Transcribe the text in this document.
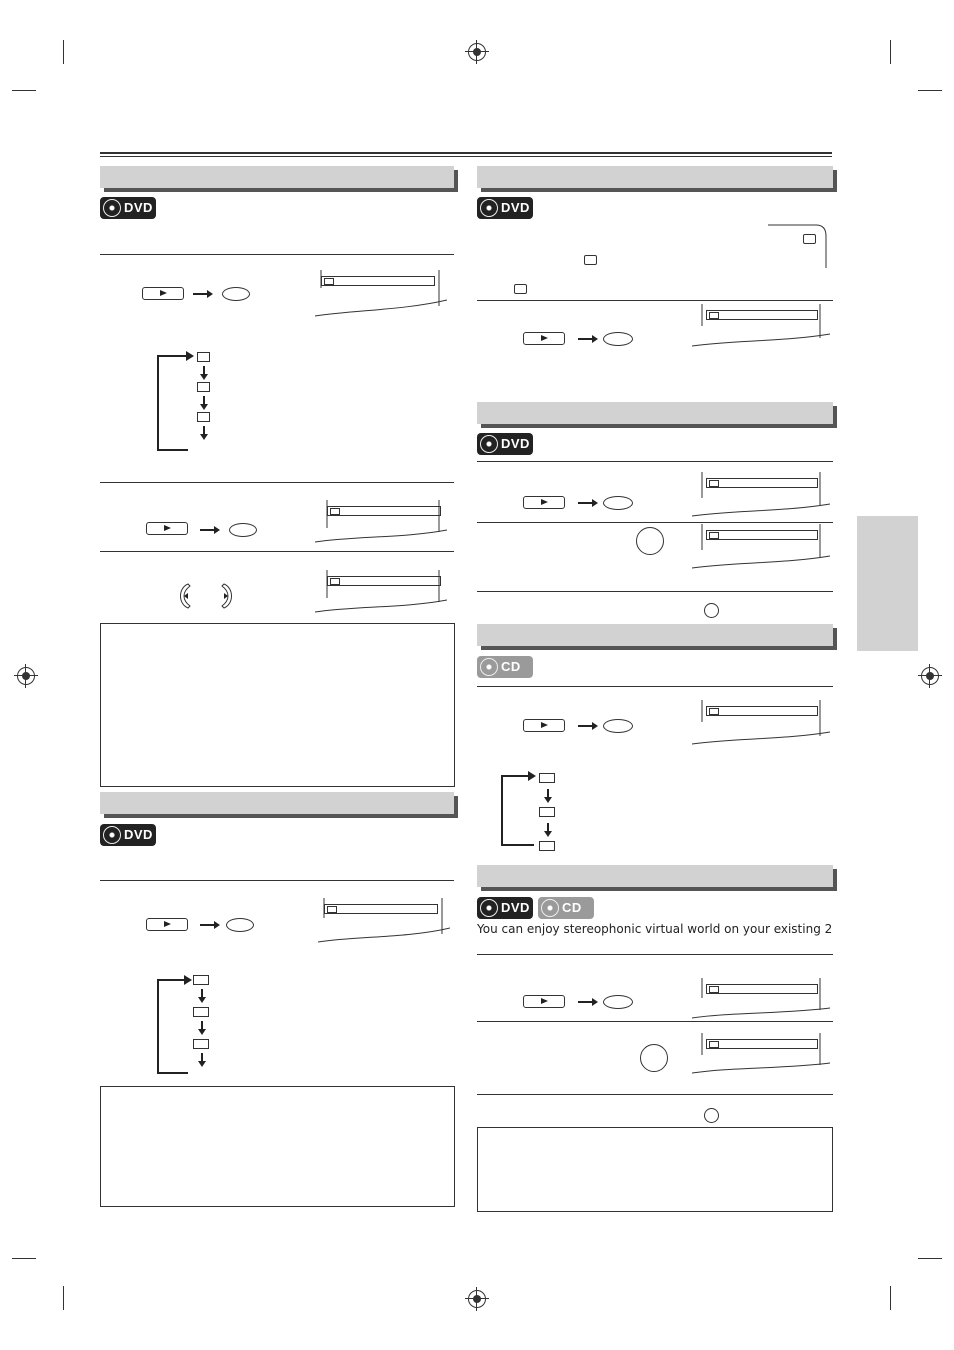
DVD
DVD
DVD
DVD
CD
DVD CD
You can enjoy stereophonic virtual world on your existing 2
